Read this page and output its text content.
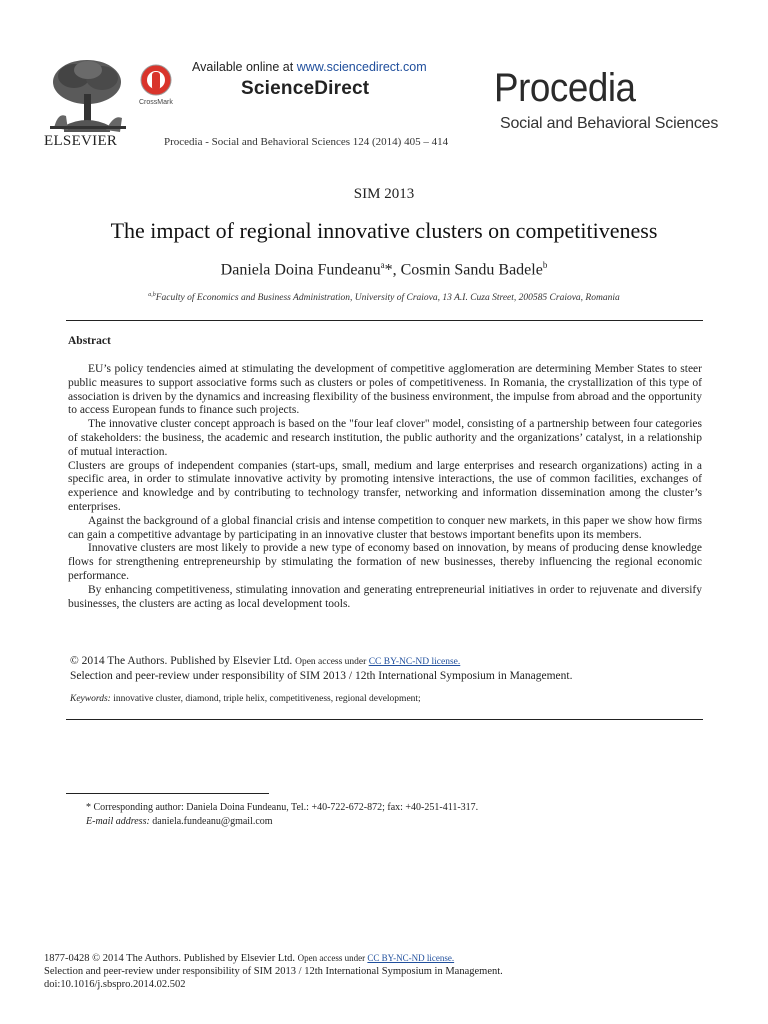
ELSEVIER
CrossMark
Available online at www.sciencedirect.com
ScienceDirect
Procedia - Social and Behavioral Sciences 124 (2014) 405 – 414
Procedia
Social and Behavioral Sciences
SIM 2013
The impact of regional innovative clusters on competitiveness
Daniela Doina Fundeanu$^a$*, Cosmin Sandu Badele$^b$
$^{a,b}$Faculty of Economics and Business Administration, University of Craiova, 13 A.I. Cuza Street, 200585 Craiova, Romania
Abstract

EU’s policy tendencies aimed at stimulating the development of competitive agglomeration are determining Member States to steer public measures to support associative forms such as clusters or poles of competitiveness. In Romania, the crystallization of this type of association is driven by the dynamics and increasing flexibility of the business environment, the impulse from abroad and the opportunity to access European funds to finance such projects.

The innovative cluster concept approach is based on the "four leaf clover" model, consisting of a partnership between four categories of stakeholders: the business, the academic and research institution, the public authority and the organizations’ catalyst, in a relationship of mutual interaction.

Clusters are groups of independent companies (start-ups, small, medium and large enterprises and research organizations) acting in a specific area, in order to stimulate innovative activity by promoting intensive interactions, the use of common facilities, exchanges of experience and knowledge and by contributing to technology transfer, networking and information dissemination among the cluster’s enterprises.

Against the background of a global financial crisis and intense competition to conquer new markets, in this paper we show how firms can gain a competitive advantage by participating in an innovative cluster that bestows important benefits upon its members.

Innovative clusters are most likely to provide a new type of economy based on innovation, by means of producing dense knowledge flows for strengthening entrepreneurship by stimulating the formation of new businesses, thereby influencing the regional economic performance.

By enhancing competitiveness, stimulating innovation and generating entrepreneurial initiatives in order to rejuvenate and diversify businesses, the clusters are acting as local development tools.

© 2014 The Authors. Published by Elsevier Ltd. Open access under CC BY-NC-ND license.
Selection and peer-review under responsibility of SIM 2013 / 12th International Symposium in Management.
Keywords: innovative cluster, diamond, triple helix, competitiveness, regional development;
* Corresponding author: Daniela Doina Fundeanu, Tel.: +40-722-672-872; fax: +40-251-411-317.
E-mail address: daniela.fundeanu@gmail.com
1877-0428 © 2014 The Authors. Published by Elsevier Ltd. Open access under CC BY-NC-ND license.
Selection and peer-review under responsibility of SIM 2013 / 12th International Symposium in Management.
doi:10.1016/j.sbspro.2014.02.502
